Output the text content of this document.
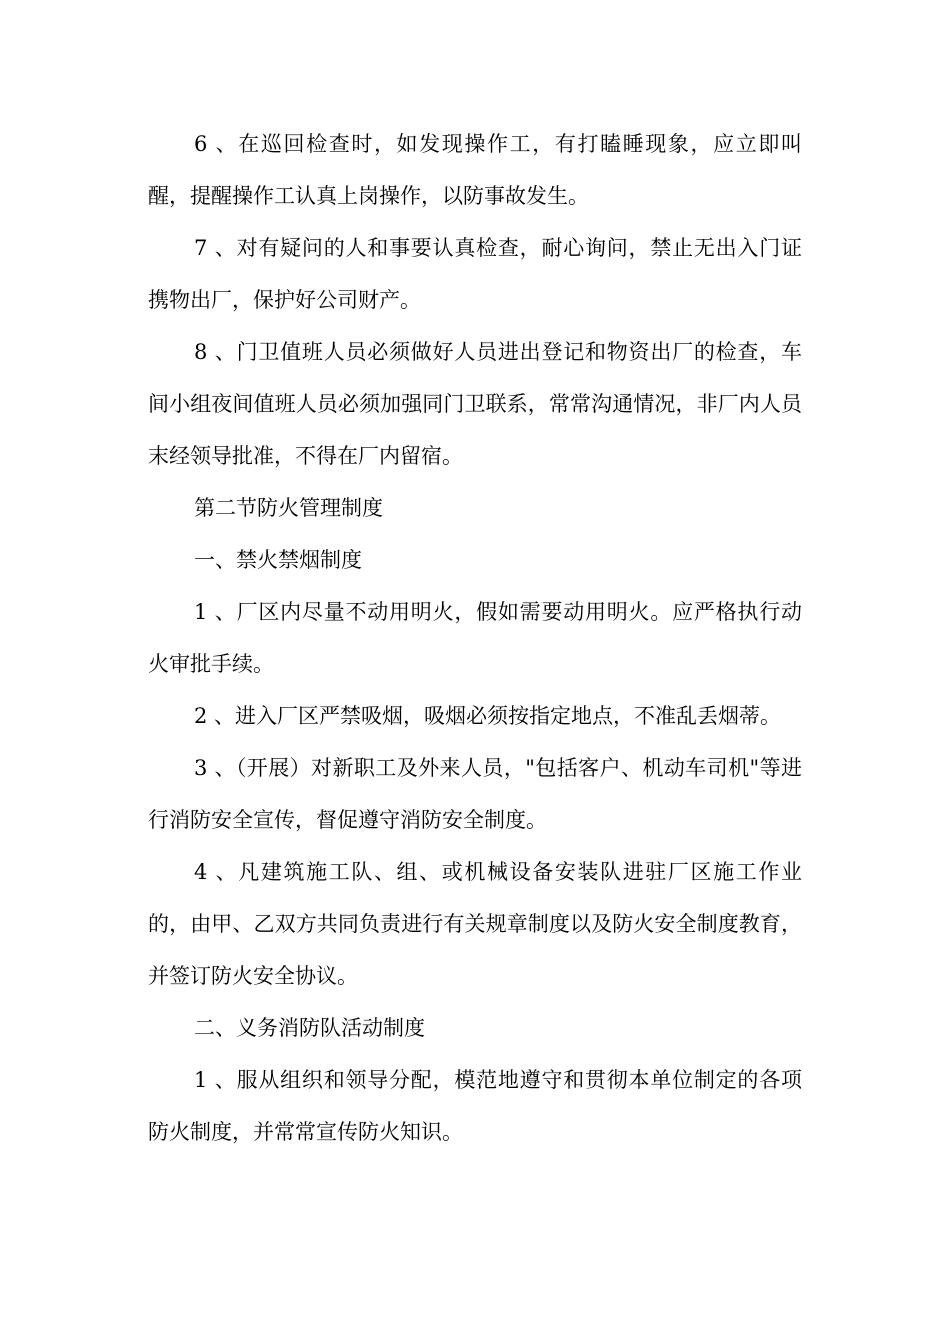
6 、在巡回检查时，如发现操作工，有打瞌睡现象，应立即叫醒，提醒操作工认真上岗操作，以防事故发生。

7 、对有疑问的人和事要认真检查，耐心询问，禁止无出入门证携物出厂，保护好公司财产。

8 、门卫值班人员必须做好人员进出登记和物资出厂的检查，车间小组夜间值班人员必须加强同门卫联系，常常沟通情况，非厂内人员末经领导批准，不得在厂内留宿。

第二节防火管理制度

一、禁火禁烟制度

1 、厂区内尽量不动用明火，假如需要动用明火。应严格执行动火审批手续。

2 、进入厂区严禁吸烟，吸烟必须按指定地点，不准乱丢烟蒂。

3 、（开展）对新职工及外来人员，"包括客户、机动车司机"等进行消防安全宣传，督促遵守消防安全制度。

4 、凡建筑施工队、组、或机械设备安装队进驻厂区施工作业的，由甲、乙双方共同负责进行有关规章制度以及防火安全制度教育，并签订防火安全协议。

二、义务消防队活动制度

1 、服从组织和领导分配，模范地遵守和贯彻本单位制定的各项防火制度，并常常宣传防火知识。
